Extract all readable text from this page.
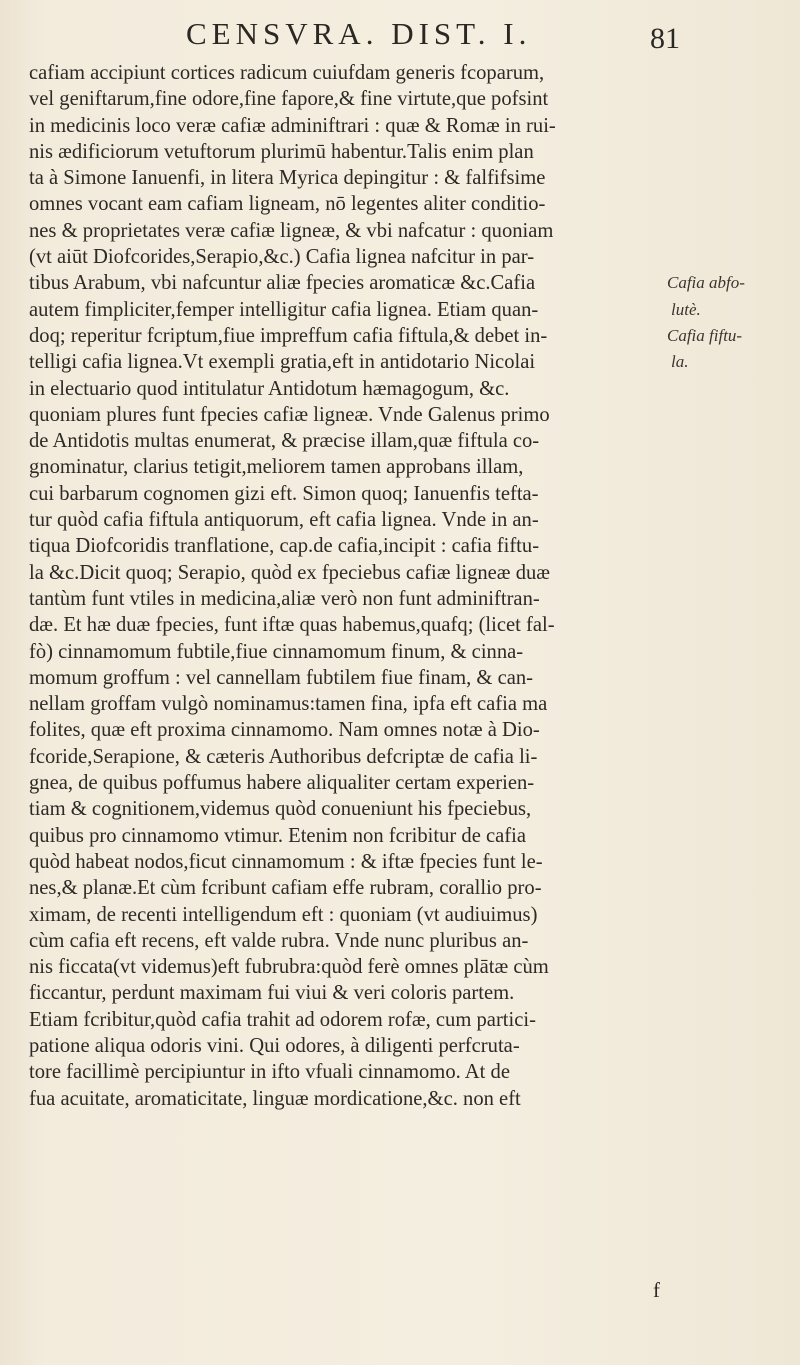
CENSVRA. DIST. I.	81
cafiam accipiunt cortices radicum cuiufdam generis fcoparum,
vel geniftarum,fine odore,fine fapore,& fine virtute,que pofsint
in medicinis loco veræ cafiæ adminiftrari : quæ & Romæ in rui-
nis ædificiorum vetuftorum plurimū habentur.Talis enim plan
ta à Simone Ianuenfi, in litera Myrica depingitur : & falfifsime
omnes vocant eam cafiam ligneam, nō legentes aliter conditio-
nes & proprietates veræ cafiæ ligneæ, & vbi nafcatur : quoniam
(vt aiūt Diofcorides,Serapio,&c.) Cafia lignea nafcitur in par-
tibus Arabum, vbi nafcuntur aliæ fpecies aromaticæ &c.Cafia
autem fimpliciter,femper intelligitur cafia lignea. Etiam quan-
doq; reperitur fcriptum,fiue impreffum cafia fiftula,& debet in-
telligi cafia lignea.Vt exempli gratia,eft in antidotario Nicolai
in electuario quod intitulatur Antidotum hæmagogum, &c.
quoniam plures funt fpecies cafiæ ligneæ. Vnde Galenus primo
de Antidotis multas enumerat, & præcise illam,quæ fiftula co-
gnominatur, clarius tetigit,meliorem tamen approbans illam,
cui barbarum cognomen gizi eft. Simon quoq; Ianuenfis tefta-
tur quòd cafia fiftula antiquorum, eft cafia lignea. Vnde in an-
tiqua Diofcoridis tranflatione, cap.de cafia,incipit : cafia fiftu-
la &c.Dicit quoq; Serapio, quòd ex fpeciebus cafiæ ligneæ duæ
tantùm funt vtiles in medicina,aliæ verò non funt adminiftran-
dæ. Et hæ duæ fpecies, funt iftæ quas habemus,quafq; (licet fal-
fò) cinnamomum fubtile,fiue cinnamomum finum, & cinna-
momum groffum : vel cannellam fubtilem fiue finam, & can-
nellam groffam vulgò nominamus:tamen fina, ipfa eft cafia ma
folites, quæ eft proxima cinnamomo. Nam omnes notæ à Dio-
fcoride,Serapione, & cæteris Authoribus defcriptæ de cafia li-
gnea, de quibus poffumus habere aliqualiter certam experien-
tiam & cognitionem,videmus quòd conueniunt his fpeciebus,
quibus pro cinnamomo vtimur. Etenim non fcribitur de cafia
quòd habeat nodos,ficut cinnamomum : & iftæ fpecies funt le-
nes,& planæ.Et cùm fcribunt cafiam effe rubram, corallio pro-
ximam, de recenti intelligendum eft : quoniam (vt audiuimus)
cùm cafia eft recens, eft valde rubra. Vnde nunc pluribus an-
nis ficcata(vt videmus)eft fubrubra:quòd ferè omnes plātæ cùm
ficcantur, perdunt maximam fui viui & veri coloris partem.
Etiam fcribitur,quòd cafia trahit ad odorem rofæ, cum partici-
patione aliqua odoris vini. Qui odores, à diligenti perfcruta-
tore facillimè percipiuntur in ifto vfuali cinnamomo. At de
fua acuitate, aromaticitate, linguæ mordicatione,&c. non eft
Cafia abfo-
lutè.
Cafia fiftu-
la.
f
